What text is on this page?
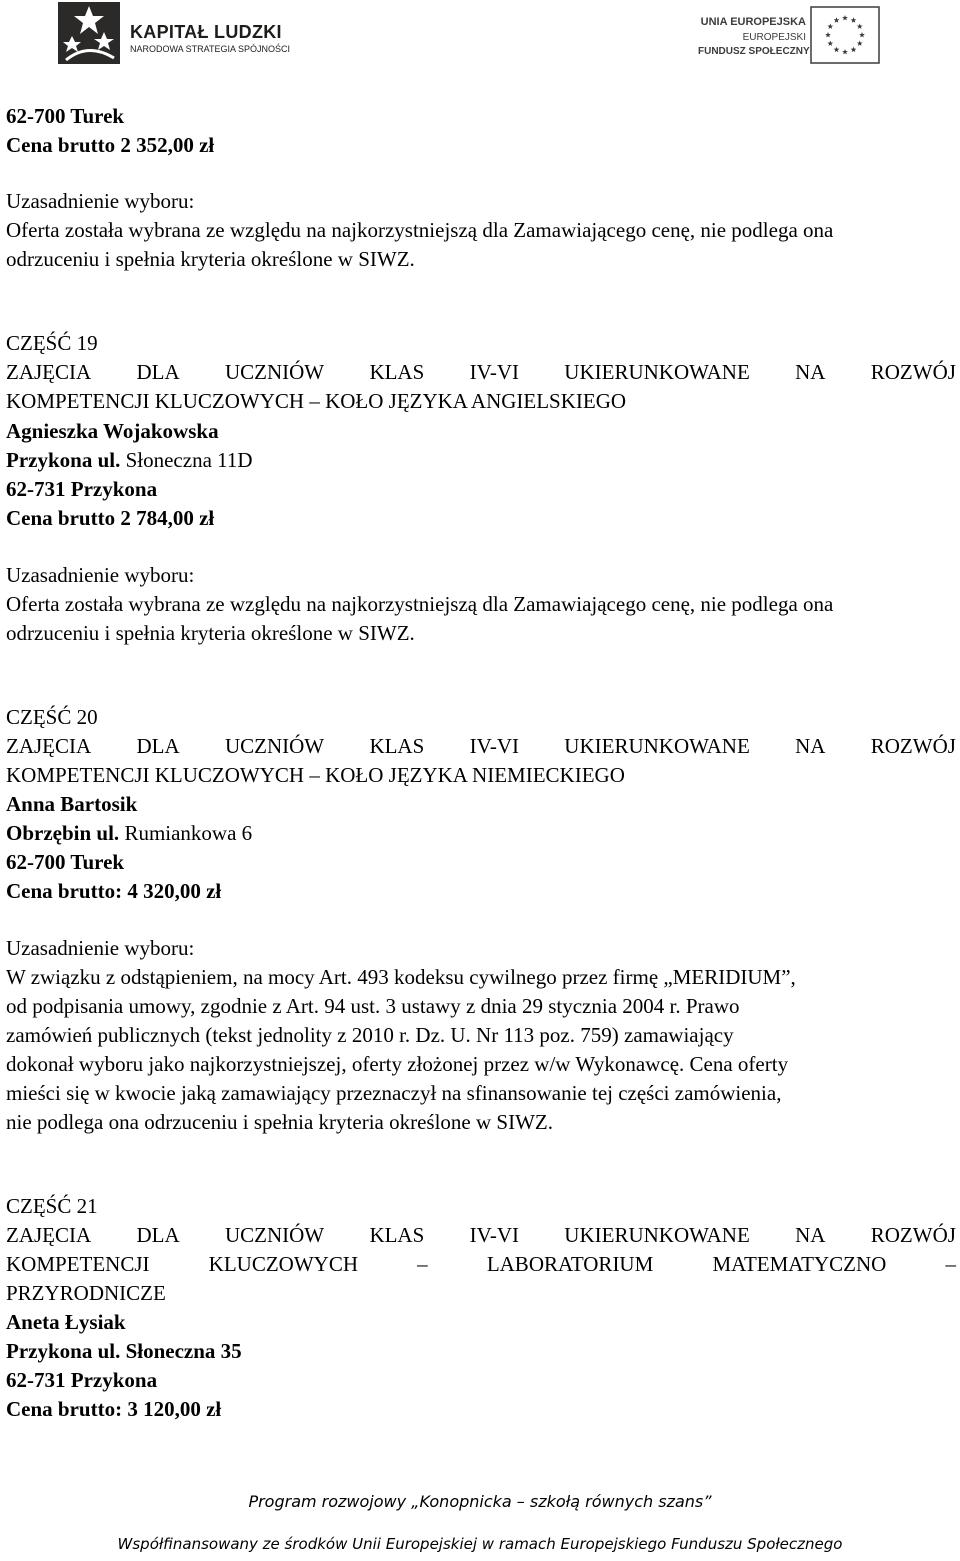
KAPITAŁ LUDZKI
NARODOWA STRATEGIA SPÓJNOŚCI
UNIA EUROPEJSKA
EUROPEJSKI
FUNDUSZ SPOŁECZNY
62-700 Turek
Cena brutto 2 352,00 zł
Uzasadnienie wyboru:
Oferta została wybrana ze względu na najkorzystniejszą dla Zamawiającego cenę, nie podlega ona
odrzuceniu i spełnia kryteria określone w SIWZ.
CZĘŚĆ 19
ZAJĘCIA DLA UCZNIÓW KLAS IV-VI UKIERUNKOWANE NA ROZWÓJ
KOMPETENCJI KLUCZOWYCH – KOŁO JĘZYKA ANGIELSKIEGO
Agnieszka Wojakowska
Przykona ul. Słoneczna 11D
62-731 Przykona
Cena brutto 2 784,00 zł
Uzasadnienie wyboru:
Oferta została wybrana ze względu na najkorzystniejszą dla Zamawiającego cenę, nie podlega ona
odrzuceniu i spełnia kryteria określone w SIWZ.
CZĘŚĆ 20
ZAJĘCIA DLA UCZNIÓW KLAS IV-VI UKIERUNKOWANE NA ROZWÓJ
KOMPETENCJI KLUCZOWYCH – KOŁO JĘZYKA NIEMIECKIEGO
Anna Bartosik
Obrzębin ul. Rumiankowa 6
62-700 Turek
Cena brutto: 4 320,00 zł
Uzasadnienie wyboru:
W związku z odstąpieniem, na mocy Art. 493 kodeksu cywilnego przez firmę „MERIDIUM”,
od podpisania umowy, zgodnie z Art. 94 ust. 3 ustawy z dnia 29 stycznia 2004 r. Prawo
zamówień publicznych (tekst jednolity z 2010 r. Dz. U. Nr 113 poz. 759) zamawiający
dokonał wyboru jako najkorzystniejszej, oferty złożonej przez w/w Wykonawcę. Cena oferty
mieści się w kwocie jaką zamawiający przeznaczył na sfinansowanie tej części zamówienia,
nie podlega ona odrzuceniu i spełnia kryteria określone w SIWZ.
CZĘŚĆ 21
ZAJĘCIA DLA UCZNIÓW KLAS IV-VI UKIERUNKOWANE NA ROZWÓJ
KOMPETENCJI	KLUCZOWYCH	–	LABORATORIUM	MATEMATYCZNO	–
PRZYRODNICZE
Aneta Łysiak
Przykona ul. Słoneczna 35
62-731 Przykona
Cena brutto: 3 120,00 zł
Program rozwojowy „Konopnicka – szkołą równych szans”
Współfinansowany ze środków Unii Europejskiej w ramach Europejskiego Funduszu Społecznego
